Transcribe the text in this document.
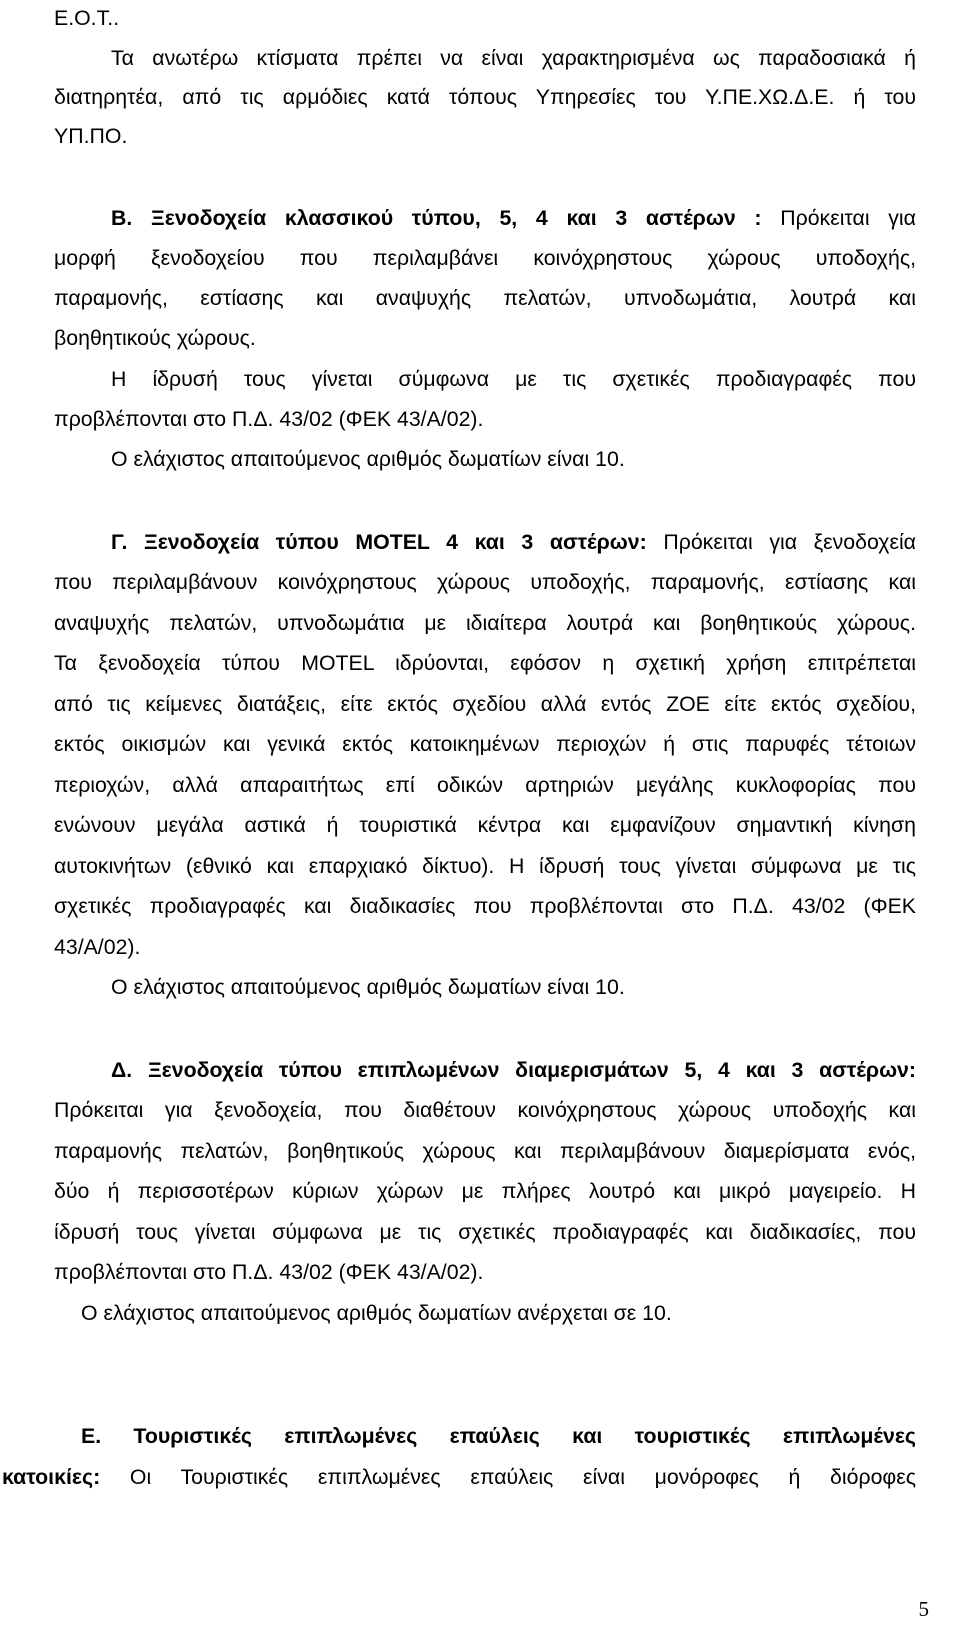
Ε.Ο.Τ..
Τα ανωτέρω κτίσματα πρέπει να είναι χαρακτηρισμένα ως παραδοσιακά ή
διατηρητέα, από τις αρμόδιες κατά τόπους Υπηρεσίες του Υ.ΠΕ.ΧΩ.Δ.Ε. ή του
ΥΠ.ΠΟ.
Β. Ξενοδοχεία κλασσικού τύπου, 5, 4 και 3 αστέρων : Πρόκειται για
μορφή ξενοδοχείου που περιλαμβάνει κοινόχρηστους χώρους υποδοχής,
παραμονής, εστίασης και αναψυχής πελατών, υπνοδωμάτια, λουτρά και
βοηθητικούς χώρους.
Η ίδρυσή τους γίνεται σύμφωνα με τις σχετικές προδιαγραφές που
προβλέπονται στο Π.Δ. 43/02 (ΦΕΚ 43/Α/02).
Ο ελάχιστος απαιτούμενος αριθμός δωματίων είναι 10.
Γ. Ξενοδοχεία τύπου MOTEL 4 και 3 αστέρων: Πρόκειται για ξενοδοχεία
που περιλαμβάνουν κοινόχρηστους χώρους υποδοχής, παραμονής, εστίασης και
αναψυχής πελατών, υπνοδωμάτια με ιδιαίτερα λουτρά και βοηθητικούς χώρους.
Τα ξενοδοχεία τύπου MOTEL ιδρύονται, εφόσον η σχετική χρήση επιτρέπεται
από τις κείμενες διατάξεις, είτε εκτός σχεδίου αλλά εντός ΖΟΕ είτε εκτός σχεδίου,
εκτός οικισμών και γενικά εκτός κατοικημένων περιοχών ή στις παρυφές τέτοιων
περιοχών, αλλά απαραιτήτως επί οδικών αρτηριών μεγάλης κυκλοφορίας που
ενώνουν μεγάλα αστικά ή τουριστικά κέντρα και εμφανίζουν σημαντική κίνηση
αυτοκινήτων (εθνικό και επαρχιακό δίκτυο). Η ίδρυσή τους γίνεται σύμφωνα με τις
σχετικές προδιαγραφές και διαδικασίες που προβλέπονται στο Π.Δ. 43/02 (ΦΕΚ
43/Α/02).
Ο ελάχιστος απαιτούμενος αριθμός δωματίων είναι 10.
Δ. Ξενοδοχεία τύπου επιπλωμένων διαμερισμάτων 5, 4 και 3 αστέρων:
Πρόκειται για ξενοδοχεία, που διαθέτουν κοινόχρηστους χώρους υποδοχής και
παραμονής πελατών, βοηθητικούς χώρους και περιλαμβάνουν διαμερίσματα ενός,
δύο ή περισσοτέρων κύριων χώρων με πλήρες λουτρό και μικρό μαγειρείο. Η
ίδρυσή τους γίνεται σύμφωνα με τις σχετικές προδιαγραφές και διαδικασίες, που
προβλέπονται στο Π.Δ. 43/02 (ΦΕΚ 43/Α/02).
Ο ελάχιστος απαιτούμενος αριθμός δωματίων ανέρχεται σε 10.
Ε. Τουριστικές επιπλωμένες επαύλεις και τουριστικές επιπλωμένες
κατοικίες: Οι Τουριστικές επιπλωμένες επαύλεις είναι μονόροφες ή διόροφες
5
